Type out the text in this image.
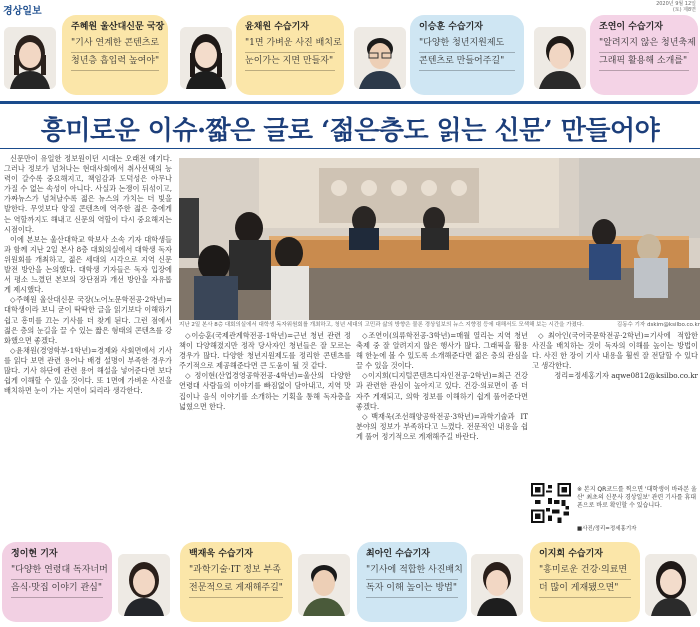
경상일보
2020년 9월 12일
(토) 제8면
주혜원 울산대신문 국장
"기사 연계한 콘텐츠로
청년층 흡입력 높여야"
윤채원 수습기자
"1면 가벼운 사진 배치로
눈이가는 지면 만들자"
이승훈 수습기자
"다양한 청년지원제도
콘텐츠로 만들어주길"
조연이 수습기자
"알려지지 않은 청년축제
그래픽 활용해 소개를"
흥미로운 이슈·짧은 글로 ‘젊은층도 읽는 신문’ 만들어야

신문만이 유일한 정보원이던 시대는 오래전 얘기다. 그러나 정보가 넘쳐나는 현대사회에서 취사선택의 능력이 갈수록 중요해지고, 책임감과 도덕성은 아무나 가질 수 없는 속성이 아니다. 사실과 논쟁이 뒤섞이고, 가짜뉴스가 넘쳐날수록 젊은 뉴스의 가치는 더 빛을 발한다. 무엇보다 양질 콘텐츠에 역주한 젊은 층에게는 역할까지도 해내고 신문의 역할이 다시 중요해지는 시점이다.

이에 본보는 울산대학교 학보사 소속 기자 대학생들과 함께 지난 2일 본사 8층 대회의실에서 대학생 독자위원회를 개최하고, 젊은 세대의 시각으로 지역 신문 발전 방안을 논의했다. 대학생 기자들은 독자 입장에서 평소 느꼈던 본보의 장단점과 개선 방안을 자유롭게 제시했다.

◇주혜원 울산대신문 국장(노어노문학전공·2학년)=대학생이라 보니 굳이 딱딱한 글을 읽기보다 이해하기 쉽고 흥미를 끄는 기사를 더 찾게 된다. 그런 점에서 젊은 층의 눈길을 끌 수 있는 짧은 형태의 콘텐츠를 강화했으면 좋겠다.

◇윤채원(경영학부·1학년)=경제와 사회면에서 기사를 읽다 보면 관련 용어나 배경 설명이 부족한 경우가 많다. 기사 하단에 관련 용어 해설을 넣어준다면 보다 쉽게 이해할 수 있을 것이다. 또 1면에 가벼운 사진을 배치하면 눈이 가는 지면이 되리라 생각한다.

지난 2일 본사 8층 대회의실에서 대학생 독자위원회를 개최하고, 청년 세대의 고민과 삶의 방향은 물론 경상일보의 뉴스 지향점 등에 대해서도 모색해 보는 시간을 가졌다.	김동수 기자 dskim@ksilbo.co.kr

◇이승훈(국제관계학전공·1학년)=근년 청년 관련 정책이 다양해졌지만 정작 당사자인 청년들은 잘 모르는 경우가 많다. 다양한 청년지원제도를 정리한 콘텐츠를 주기적으로 제공해준다면 큰 도움이 될 것 같다.

◇정이현(산업경영공학전공·4학년)=울산의 다양한 연령대 사람들의 이야기를 빠짐없이 담아내고, 지역 맛집이나 음식 이야기를 소개하는 기획을 통해 독자층을 넓혔으면 한다.

◇조연이(의류학전공·3학년)=매월 열리는 지역 청년축제 중 잘 알려지지 않은 행사가 많다. 그래픽을 활용해 한눈에 볼 수 있도록 소개해준다면 젊은 층의 관심을 끌 수 있을 것이다.

◇이지희(디지털콘텐츠디자인전공·2학년)=최근 건강과 관련한 관심이 높아지고 있다. 건강·의료면이 좀 더 자주 게재되고, 의학 정보를 이해하기 쉽게 풀어준다면 좋겠다.

◇백재욱(조선해양공학전공·3학년)=과학기술과 IT 분야의 정보가 부족하다고 느꼈다. 전문적인 내용을 쉽게 풀어 정기적으로 게재해주길 바란다.

◇최아인(국어국문학전공·2학년)=기사에 적합한 사진을 배치하는 것이 독자의 이해를 높이는 방법이다. 사진 한 장이 기사 내용을 훨씬 잘 전달할 수 있다고 생각한다.

정리=정세홍기자 aqwe0812@ksilbo.co.kr

※ 본지 QR코드를 찍으면 '대학생이 바라본 울산' 최초의 신문사 경상일보' 관련 기사를 휴대폰으로 바로 확인할 수 있습니다.
■사진/정리=정세홍기자
정이현 기자
"다양한 연령대 독자너머
음식·맛집 이야기 관심"
백재욱 수습기자
"과학기술·IT 정보 부족
전문적으로 게재해주길"
최아인 수습기자
"기사에 적합한 사진배치
독자 이해 높이는 방법"
이지희 수습기자
"흥미로운 건강·의료면
더 많이 게재됐으면"
